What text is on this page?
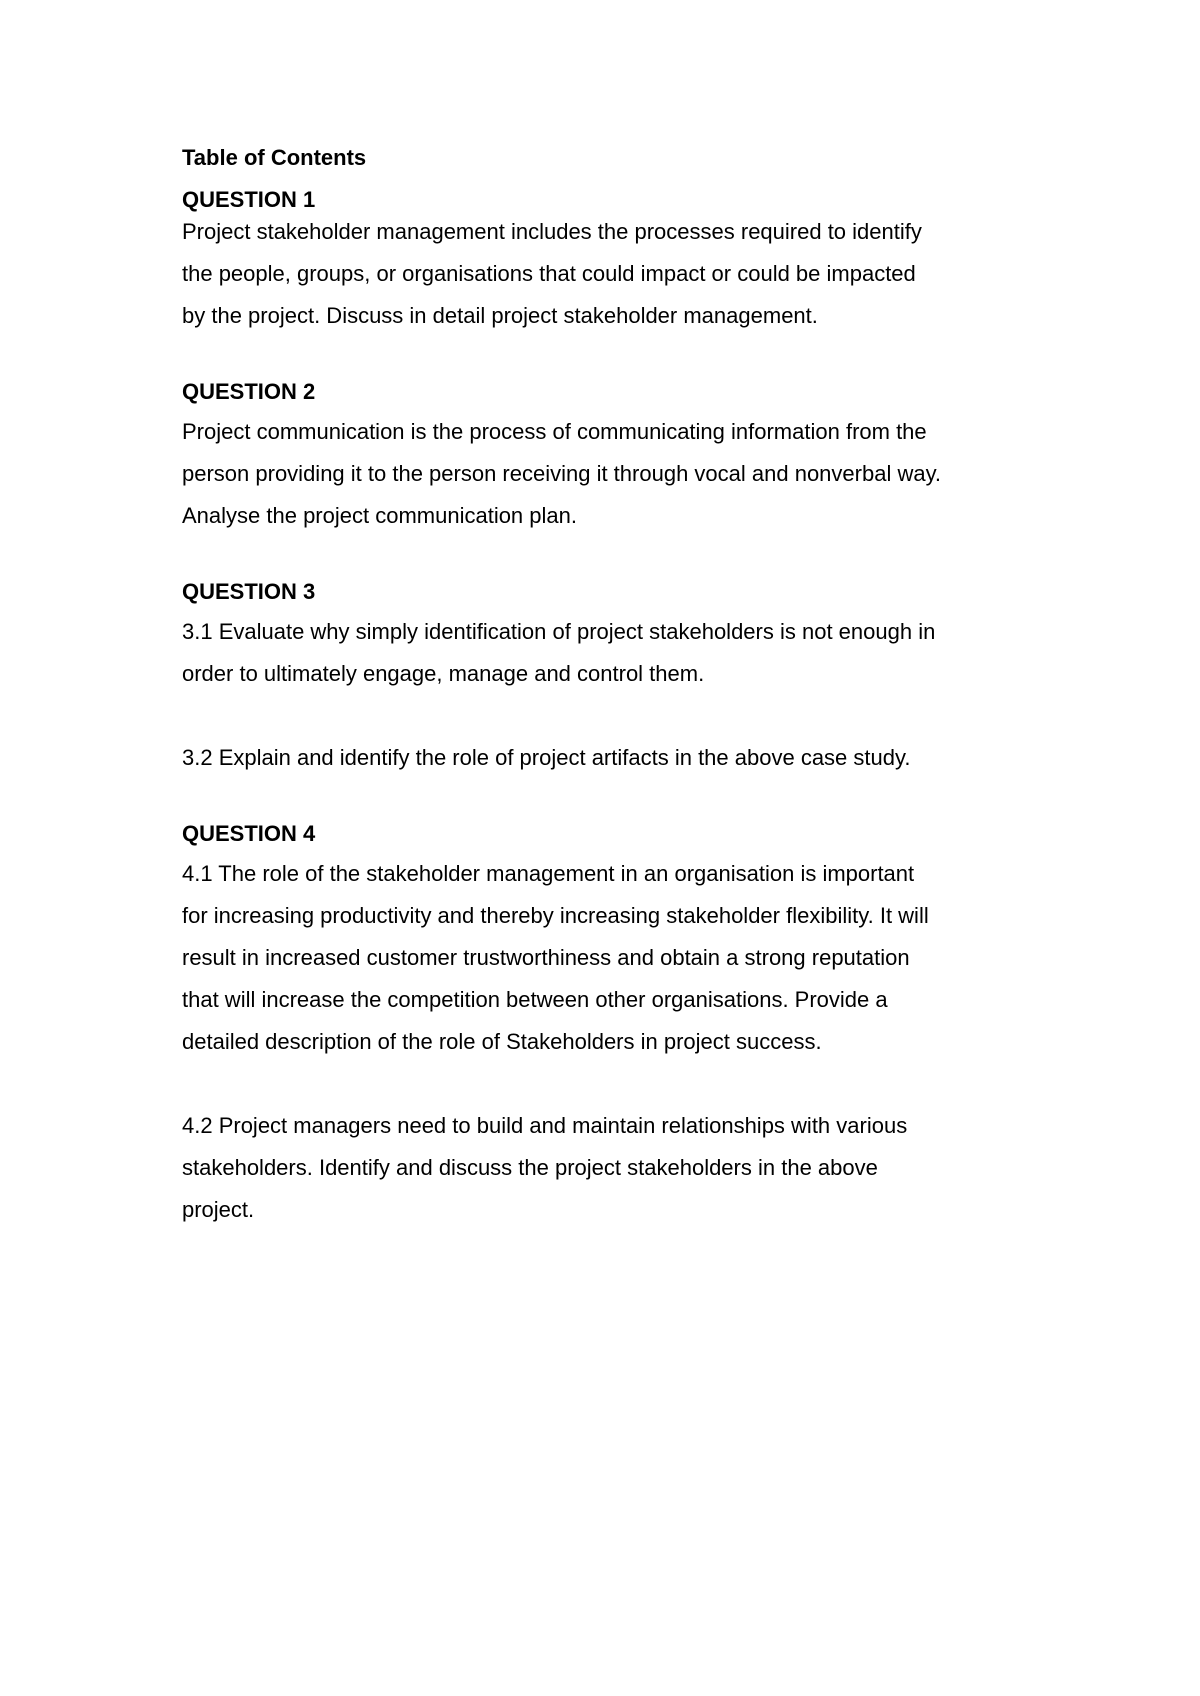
Table of Contents
QUESTION 1
Project stakeholder management includes the processes required to identify
the people, groups, or organisations that could impact or could be impacted
by the project. Discuss in detail project stakeholder management.
QUESTION 2
Project communication is the process of communicating information from the
person providing it to the person receiving it through vocal and nonverbal way.
Analyse the project communication plan.
QUESTION 3
3.1 Evaluate why simply identification of project stakeholders is not enough in
order to ultimately engage, manage and control them.
3.2 Explain and identify the role of project artifacts in the above case study.
QUESTION 4
4.1 The role of the stakeholder management in an organisation is important
for increasing productivity and thereby increasing stakeholder flexibility. It will
result in increased customer trustworthiness and obtain a strong reputation
that will increase the competition between other organisations. Provide a
detailed description of the role of Stakeholders in project success.
4.2 Project managers need to build and maintain relationships with various
stakeholders. Identify and discuss the project stakeholders in the above
project.
